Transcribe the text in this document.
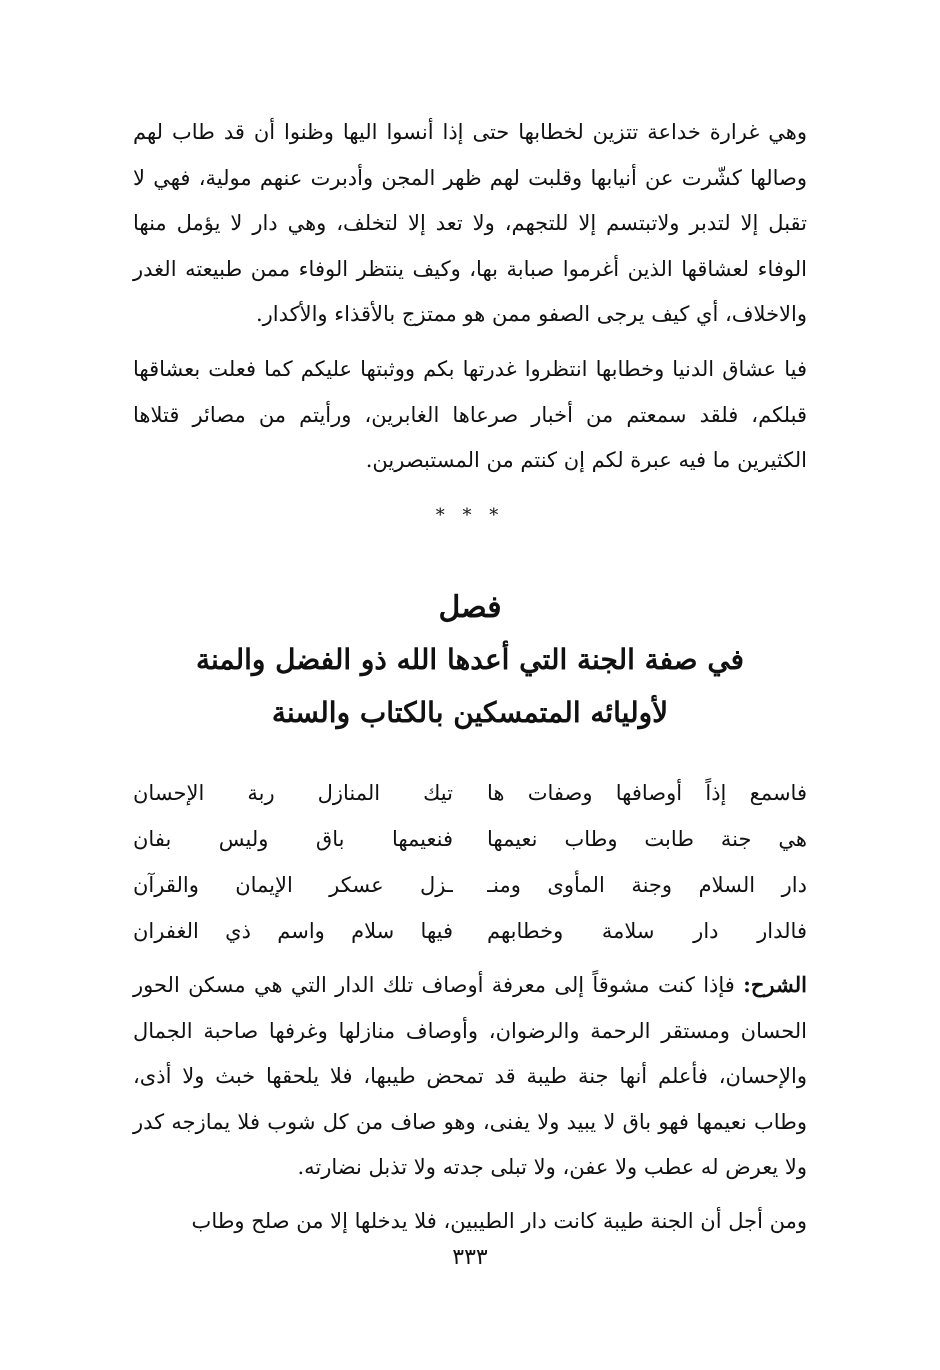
وهي غرارة خداعة تتزين لخطابها حتى إذا أنسوا اليها وظنوا أن قد طاب لهم وصالها كشّرت عن أنيابها وقلبت لهم ظهر المجن وأدبرت عنهم مولية، فهي لا تقبل إلا لتدبر ولاتبتسم إلا للتجهم، ولا تعد إلا لتخلف، وهي دار لا يؤمل منها الوفاء لعشاقها الذين أغرموا صبابة بها، وكيف ينتظر الوفاء ممن طبيعته الغدر والاخلاف، أي كيف يرجى الصفو ممن هو ممتزج بالأقذاء والأكدار.

فيا عشاق الدنيا وخطابها انتظروا غدرتها بكم ووثبتها عليكم كما فعلت بعشاقها قبلكم، فلقد سمعتم من أخبار صرعاها الغابرين، ورأيتم من مصائر قتلاها الكثيرين ما فيه عبرة لكم إن كنتم من المستبصرين.

* * *
فصل
في صفة الجنة التي أعدها الله ذو الفضل والمنة
لأوليائه المتمسكين بالكتاب والسنة
فاسمع إذاً أوصافها وصفات ها
تيك المنازل ربة الإحسان
هي جنة طابت وطاب نعيمها
فنعيمها باق وليس بفان
دار السلام وجنة المأوى ومنـ
ـزل عسكر الإيمان والقرآن
فالدار دار سلامة وخطابهم
فيها سلام واسم ذي الغفران

الشرح: فإذا كنت مشوقاً إلى معرفة أوصاف تلك الدار التي هي مسكن الحور الحسان ومستقر الرحمة والرضوان، وأوصاف منازلها وغرفها صاحبة الجمال والإحسان، فأعلم أنها جنة طيبة قد تمحض طيبها، فلا يلحقها خبث ولا أذى، وطاب نعيمها فهو باق لا يبيد ولا يفنى، وهو صاف من كل شوب فلا يمازجه كدر ولا يعرض له عطب ولا عفن، ولا تبلى جدته ولا تذبل نضارته.

ومن أجل أن الجنة طيبة كانت دار الطيبين، فلا يدخلها إلا من صلح وطاب

٣٣٣
